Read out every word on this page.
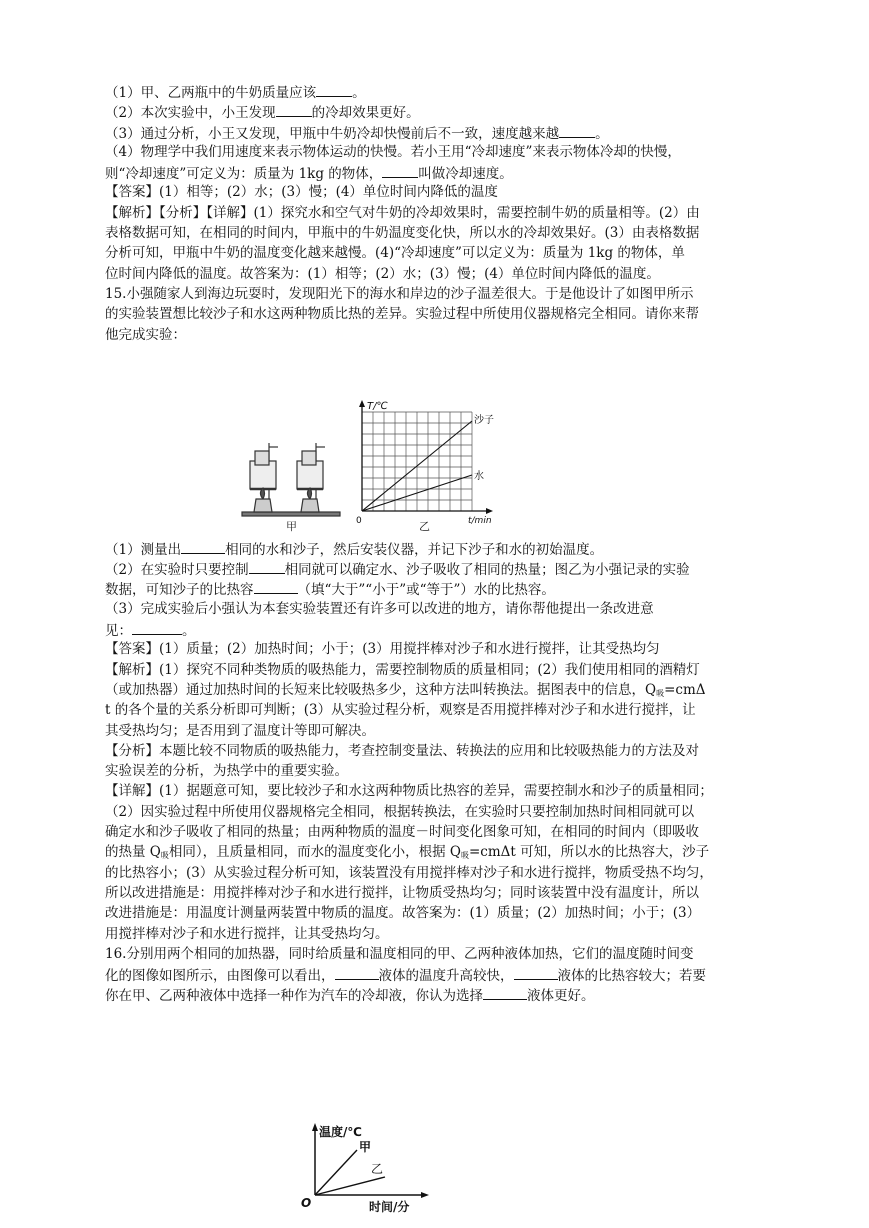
（1）甲、乙两瓶中的牛奶质量应该	。
（2）本次实验中，小王发现	的冷却效果更好。
（3）通过分析，小王又发现，甲瓶中牛奶冷却快慢前后不一致，速度越来越	。
（4）物理学中我们用速度来表示物体运动的快慢。若小王用“冷却速度”来表示物体冷却的快慢，
则“冷却速度”可定义为：质量为 1kg 的物体，	叫做冷却速度。
【答案】(1）相等；(2）水；(3）慢；(4）单位时间内降低的温度
【解析】【分析】【详解】(1）探究水和空气对牛奶的冷却效果时，需要控制牛奶的质量相等。(2）由
表格数据可知，在相同的时间内，甲瓶中的牛奶温度变化快，所以水的冷却效果好。(3）由表格数据
分析可知，甲瓶中牛奶的温度变化越来越慢。(4)“冷却速度”可以定义为：质量为 1kg 的物体，单
位时间内降低的温度。故答案为：(1）相等；(2）水；(3）慢；(4）单位时间内降低的温度。
15.小强随家人到海边玩耍时，发现阳光下的海水和岸边的沙子温差很大。于是他设计了如图甲所示
的实验装置想比较沙子和水这两种物质比热的差异。实验过程中所使用仪器规格完全相同。请你来帮
他完成实验：
（1）测量出	相同的水和沙子，然后安装仪器，并记下沙子和水的初始温度。
（2）在实验时只要控制	相同就可以确定水、沙子吸收了相同的热量；图乙为小强记录的实验
数据，可知沙子的比热容	（填“大于”“小于”或“等于”）水的比热容。
（3）完成实验后小强认为本套实验装置还有许多可以改进的地方，请你帮他提出一条改进意
见：	。
【答案】(1）质量；(2）加热时间；小于；(3）用搅拌棒对沙子和水进行搅拌，让其受热均匀
【解析】(1）探究不同种类物质的吸热能力，需要控制物质的质量相同；(2）我们使用相同的酒精灯
（或加热器）通过加热时间的长短来比较吸热多少，这种方法叫转换法。据图表中的信息，$Q_吸=cm\Delta$
t 的各个量的关系分析即可判断；(3）从实验过程分析，观察是否用搅拌棒对沙子和水进行搅拌，让
其受热均匀；是否用到了温度计等即可解决。
【分析】本题比较不同物质的吸热能力，考查控制变量法、转换法的应用和比较吸热能力的方法及对
实验误差的分析，为热学中的重要实验。
【详解】(1）据题意可知，要比较沙子和水这两种物质比热容的差异，需要控制水和沙子的质量相同；
（2）因实验过程中所使用仪器规格完全相同，根据转换法，在实验时只要控制加热时间相同就可以
确定水和沙子吸收了相同的热量；由两种物质的温度－时间变化图象可知，在相同的时间内（即吸收
的热量 $Q_吸$相同），且质量相同，而水的温度变化小，根据 $Q_吸=cm\Delta t$ 可知，所以水的比热容大，沙子
的比热容小；(3）从实验过程分析可知，该装置没有用搅拌棒对沙子和水进行搅拌，物质受热不均匀，
所以改进措施是：用搅拌棒对沙子和水进行搅拌，让物质受热均匀；同时该装置中没有温度计，所以
改进措施是：用温度计测量两装置中物质的温度。故答案为：(1）质量；(2）加热时间；小于；(3）
用搅拌棒对沙子和水进行搅拌，让其受热均匀。
16.分别用两个相同的加热器，同时给质量和温度相同的甲、乙两种液体加热，它们的温度随时间变
化的图像如图所示，由图像可以看出，	液体的温度升高较快，	液体的比热容较大；若要
你在甲、乙两种液体中选择一种作为汽车的冷却液，你认为选择	液体更好。
甲
T/℃
t/min
0
沙子
水
乙
温度/℃
甲
乙
O	时间/分
